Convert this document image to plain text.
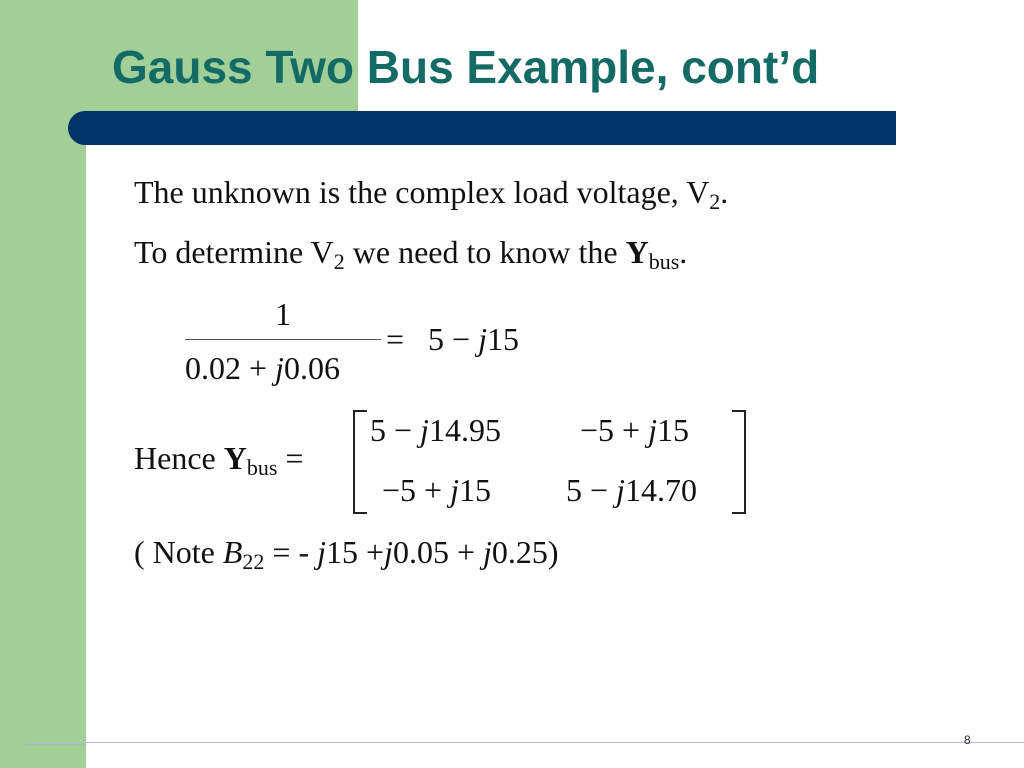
Gauss Two Bus Example, cont’d
The unknown is the complex load voltage, $V_2$.
To determine $V_2$ we need to know the $Y_{bus}$.
1
0.02 + j0.06
=  5 − j15
Hence $Y_{bus}$ =
5 − j14.95 −5 + j15
−5 + j15 5 − j14.70
( Note $B_{22}$ = - j15 +j0.05 + j0.25)
8
